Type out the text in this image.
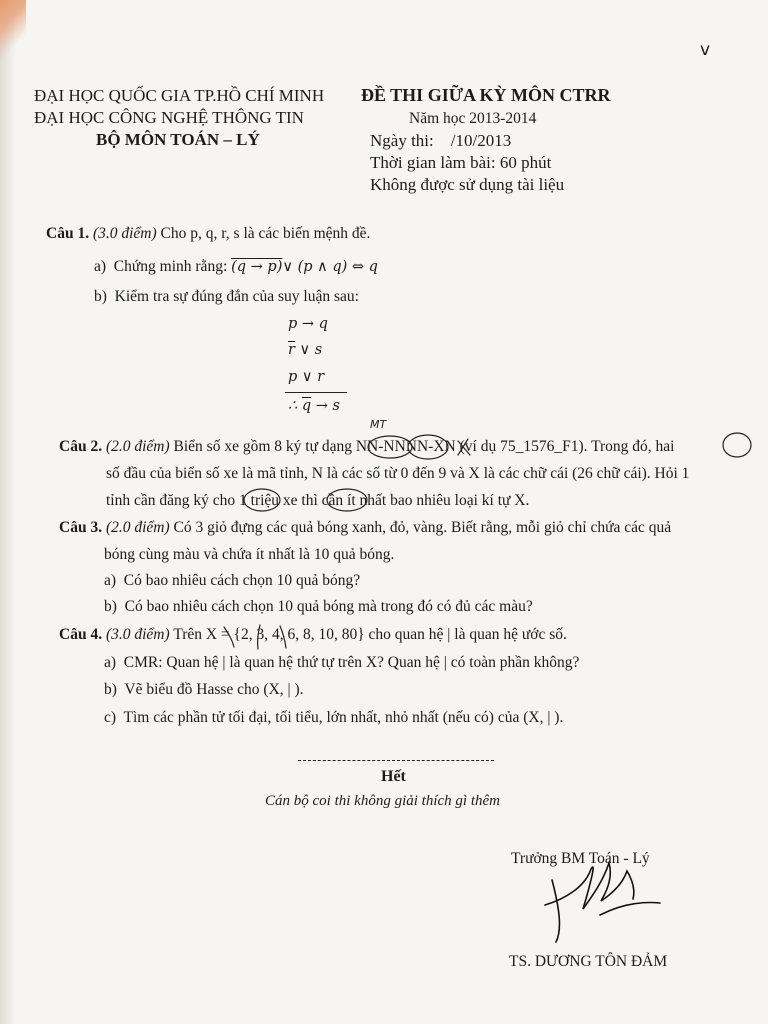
v
ĐẠI HỌC QUỐC GIA TP.HỒ CHÍ MINH
ĐẠI HỌC CÔNG NGHỆ THÔNG TIN
BỘ MÔN TOÁN – LÝ
ĐỀ THI GIỮA KỲ MÔN CTRR
Năm học 2013-2014
Ngày thi:    /10/2013
Thời gian làm bài: 60 phút
Không được sử dụng tài liệu
Câu 1. (3.0 điểm) Cho p, q, r, s là các biến mệnh đề.
a) Chứng minh rằng: (q → p)∨ (p ∧ q) ⇔ q
b) Kiểm tra sự đúng đắn của suy luận sau:
p → q
$\overline{r}$ ∨ s
p ∨ r
∴ $\overline{q} \to s$
Câu 2. (2.0 điểm) Biển số xe gồm 8 ký tự dạng NN-NNNN-XN (ví dụ 75_1576_F1). Trong đó, hai
số đầu của biển số xe là mã tỉnh, N là các số từ 0 đến 9 và X là các chữ cái (26 chữ cái). Hỏi 1
tỉnh cần đăng ký cho 1 triệu xe thì cần ít nhất bao nhiêu loại kí tự X.
MT
Câu 3. (2.0 điểm) Có 3 giỏ đựng các quả bóng xanh, đỏ, vàng. Biết rằng, mỗi giỏ chỉ chứa các quả
bóng cùng màu và chứa ít nhất là 10 quả bóng.
a) Có bao nhiêu cách chọn 10 quả bóng?
b) Có bao nhiêu cách chọn 10 quả bóng mà trong đó có đủ các màu?
Câu 4. (3.0 điểm) Trên X = {2, 3, 4, 6, 8, 10, 80} cho quan hệ | là quan hệ ước số.
a) CMR: Quan hệ | là quan hệ thứ tự trên X? Quan hệ | có toàn phần không?
b) Vẽ biểu đồ Hasse cho (X, | ).
c) Tìm các phần tử tối đại, tối tiểu, lớn nhất, nhỏ nhất (nếu có) của (X, | ).
Hết
Cán bộ coi thi không giải thích gì thêm
Trưởng BM Toán - Lý
TS. DƯƠNG TÔN ĐẢM
